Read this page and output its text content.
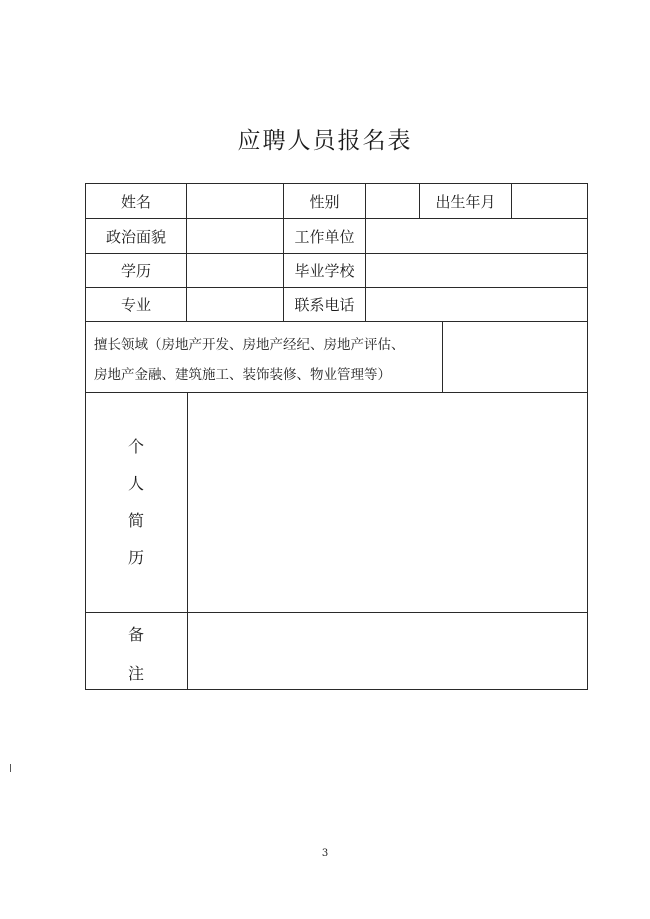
应聘人员报名表
姓名	性别	出生年月
政治面貌	工作单位
学历	毕业学校
专业	联系电话
擅长领域（房地产开发、房地产经纪、房地产评估、
房地产金融、建筑施工、装饰装修、物业管理等）
个
人
简
历
备
注
3
